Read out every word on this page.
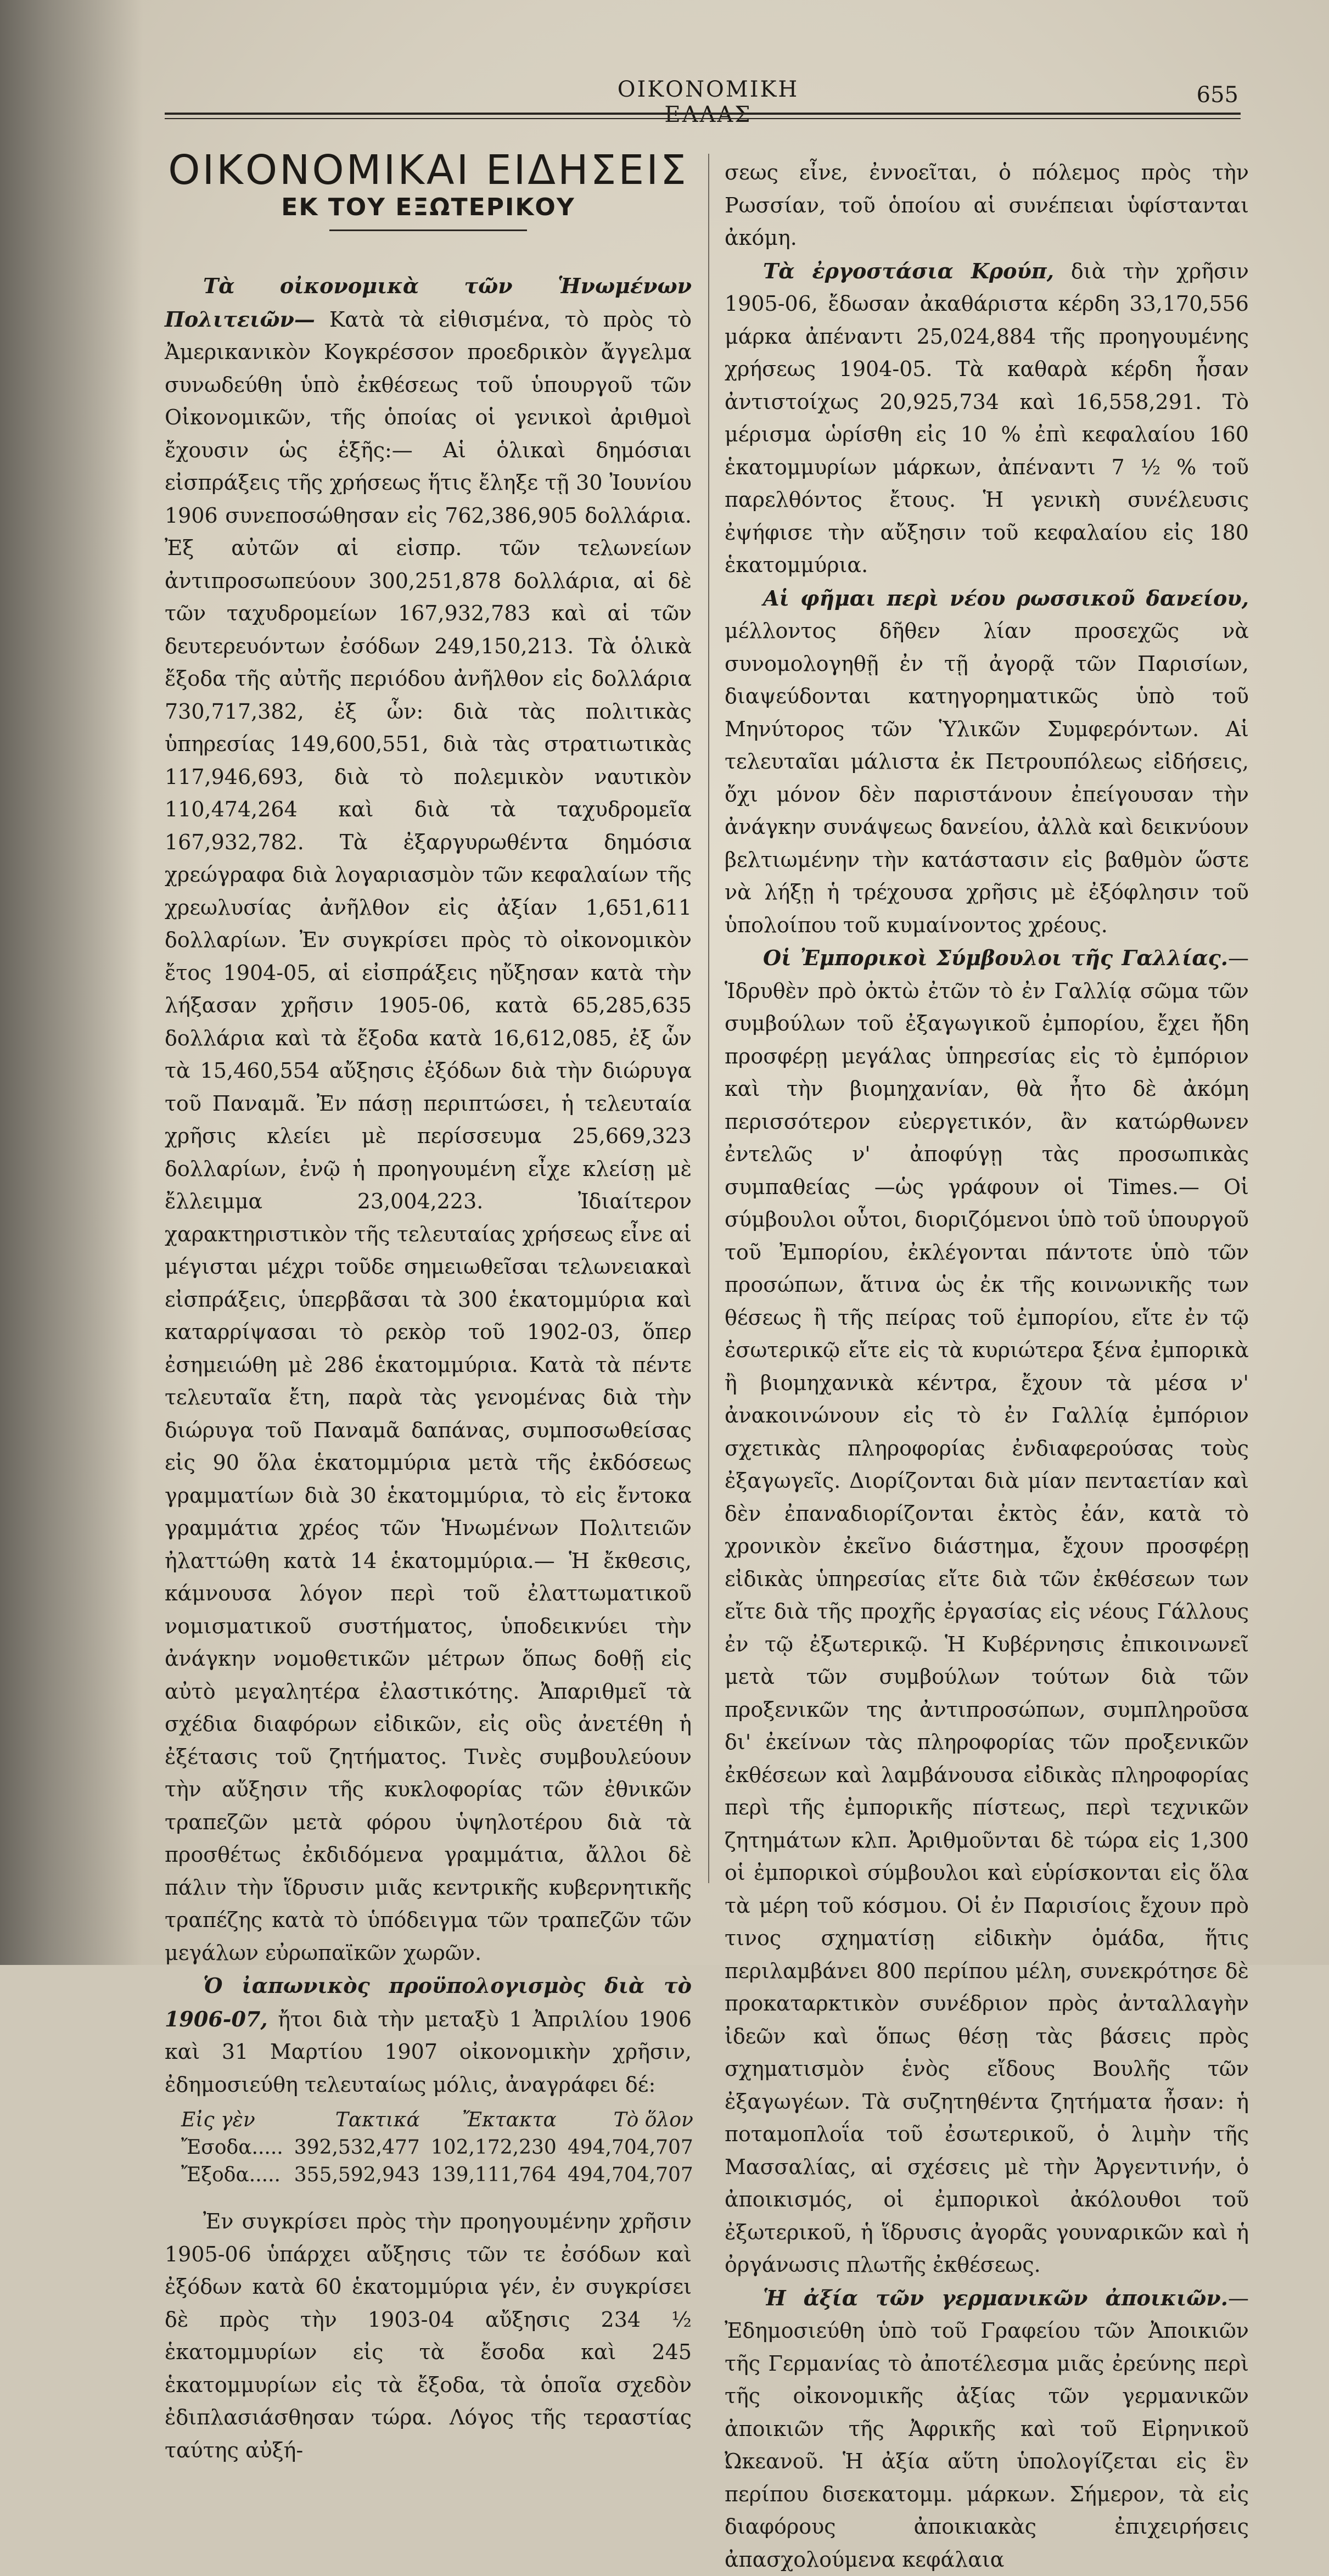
ΟΙΚΟΝΟΜΙΚΗ ΕΛΛΑΣ
655
ΟΙΚΟΝΟΜΙΚΑΙ ΕΙΔΗΣΕΙΣ
ΕΚ ΤΟΥ ΕΞΩΤΕΡΙΚΟΥ

Τὰ οἰκονομικὰ τῶν Ἡνωμένων Πολιτειῶν— Κατὰ τὰ εἰθισμένα, τὸ πρὸς τὸ Ἀμερικανικὸν Κογκρέσσον προεδρικὸν ἄγγελμα συνωδεύθη ὑπὸ ἐκθέσεως τοῦ ὑπουργοῦ τῶν Οἰκονομικῶν, τῆς ὁποίας οἱ γενικοὶ ἀριθμοὶ ἔχουσιν ὡς ἑξῆς:— Αἱ ὁλικαὶ δημόσιαι εἰσπράξεις τῆς χρήσεως ἥτις ἔληξε τῇ 30 Ἰουνίου 1906 συνεποσώθησαν εἰς 762,386,905 δολλάρια. Ἐξ αὐτῶν αἱ εἰσπρ. τῶν τελωνείων ἀντιπροσωπεύουν 300,251,878 δολλάρια, αἱ δὲ τῶν ταχυδρομείων 167,932,783 καὶ αἱ τῶν δευτερευόντων ἐσόδων 249,150,213. Τὰ ὁλικὰ ἔξοδα τῆς αὐτῆς περιόδου ἀνῆλθον εἰς δολλάρια 730,717,382, ἐξ ὧν: διὰ τὰς πολιτικὰς ὑπηρεσίας 149,600,551, διὰ τὰς στρατιωτικὰς 117,946,693, διὰ τὸ πολεμικὸν ναυτικὸν 110,474,264 καὶ διὰ τὰ ταχυδρομεῖα 167,932,782. Τὰ ἐξαργυρωθέντα δημόσια χρεώγραφα διὰ λογαριασμὸν τῶν κεφαλαίων τῆς χρεωλυσίας ἀνῆλθον εἰς ἀξίαν 1,651,611 δολλαρίων. Ἐν συγκρίσει πρὸς τὸ οἰκονομικὸν ἔτος 1904-05, αἱ εἰσπράξεις ηὔξησαν κατὰ τὴν λήξασαν χρῆσιν 1905-06, κατὰ 65,285,635 δολλάρια καὶ τὰ ἔξοδα κατὰ 16,612,085, ἐξ ὧν τὰ 15,460,554 αὔξησις ἐξόδων διὰ τὴν διώρυγα τοῦ Παναμᾶ. Ἐν πάσῃ περιπτώσει, ἡ τελευταία χρῆσις κλείει μὲ περίσσευμα 25,669,323 δολλαρίων, ἐνῷ ἡ προηγουμένη εἶχε κλείσῃ μὲ ἔλλειμμα 23,004,223. Ἰδιαίτερον χαρακτηριστικὸν τῆς τελευταίας χρήσεως εἶνε αἱ μέγισται μέχρι τοῦδε σημειωθεῖσαι τελωνειακαὶ εἰσπράξεις, ὑπερβᾶσαι τὰ 300 ἑκατομμύρια καὶ καταρρίψασαι τὸ ρεκὸρ τοῦ 1902-03, ὅπερ ἐσημειώθη μὲ 286 ἑκατομμύρια. Κατὰ τὰ πέντε τελευταῖα ἔτη, παρὰ τὰς γενομένας διὰ τὴν διώρυγα τοῦ Παναμᾶ δαπάνας, συμποσωθείσας εἰς 90 ὅλα ἑκατομμύρια μετὰ τῆς ἐκδόσεως γραμματίων διὰ 30 ἑκατομμύρια, τὸ εἰς ἔντοκα γραμμάτια χρέος τῶν Ἡνωμένων Πολιτειῶν ἠλαττώθη κατὰ 14 ἑκατομμύρια.— Ἡ ἔκθεσις, κάμνουσα λόγον περὶ τοῦ ἐλαττωματικοῦ νομισματικοῦ συστήματος, ὑποδεικνύει τὴν ἀνάγκην νομοθετικῶν μέτρων ὅπως δοθῇ εἰς αὐτὸ μεγαλητέρα ἐλαστικότης. Ἀπαριθμεῖ τὰ σχέδια διαφόρων εἰδικῶν, εἰς οὓς ἀνετέθη ἡ ἐξέτασις τοῦ ζητήματος. Τινὲς συμβουλεύουν τὴν αὔξησιν τῆς κυκλοφορίας τῶν ἐθνικῶν τραπεζῶν μετὰ φόρου ὑψηλοτέρου διὰ τὰ προσθέτως ἐκδιδόμενα γραμμάτια, ἄλλοι δὲ πάλιν τὴν ἵδρυσιν μιᾶς κεντρικῆς κυβερνητικῆς τραπέζης κατὰ τὸ ὑπόδειγμα τῶν τραπεζῶν τῶν μεγάλων εὐρωπαϊκῶν χωρῶν.

Ὁ ἰαπωνικὸς προϋπολογισμὸς διὰ τὸ 1906-07, ἤτοι διὰ τὴν μεταξὺ 1 Ἀπριλίου 1906 καὶ 31 Μαρτίου 1907 οἰκονομικὴν χρῆσιν, ἐδημοσιεύθη τελευταίως μόλις, ἀναγράφει δέ:

Εἰς γὲν	Τακτικά	Ἔκτακτα	Τὸ ὅλον
Ἔσοδα.....	392,532,477	102,172,230	494,704,707
Ἔξοδα.....	355,592,943	139,111,764	494,704,707

Ἐν συγκρίσει πρὸς τὴν προηγουμένην χρῆσιν 1905-06 ὑπάρχει αὔξησις τῶν τε ἐσόδων καὶ ἐξόδων κατὰ 60 ἑκατομμύρια γέν, ἐν συγκρίσει δὲ πρὸς τὴν 1903-04 αὔξησις 234 ½ ἑκατομμυρίων εἰς τὰ ἔσοδα καὶ 245 ἑκατομμυρίων εἰς τὰ ἔξοδα, τὰ ὁποῖα σχεδὸν ἐδιπλασιάσθησαν τώρα. Λόγος τῆς τεραστίας ταύτης αὐξή-

σεως εἶνε, ἐννοεῖται, ὁ πόλεμος πρὸς τὴν Ρωσσίαν, τοῦ ὁποίου αἱ συνέπειαι ὑφίστανται ἀκόμη.

Τὰ ἐργοστάσια Κρούπ, διὰ τὴν χρῆσιν 1905-06, ἔδωσαν ἀκαθάριστα κέρδη 33,170,556 μάρκα ἀπέναντι 25,024,884 τῆς προηγουμένης χρήσεως 1904-05. Τὰ καθαρὰ κέρδη ἦσαν ἀντιστοίχως 20,925,734 καὶ 16,558,291. Τὸ μέρισμα ὡρίσθη εἰς 10 % ἐπὶ κεφαλαίου 160 ἑκατομμυρίων μάρκων, ἀπέναντι 7 ½ % τοῦ παρελθόντος ἔτους. Ἡ γενικὴ συνέλευσις ἐψήφισε τὴν αὔξησιν τοῦ κεφαλαίου εἰς 180 ἑκατομμύρια.

Αἱ φῆμαι περὶ νέου ρωσσικοῦ δανείου, μέλλοντος δῆθεν λίαν προσεχῶς νὰ συνομολογηθῇ ἐν τῇ ἀγορᾷ τῶν Παρισίων, διαψεύδονται κατηγορηματικῶς ὑπὸ τοῦ Μηνύτορος τῶν Ὑλικῶν Συμφερόντων. Αἱ τελευταῖαι μάλιστα ἐκ Πετρουπόλεως εἰδήσεις, ὄχι μόνον δὲν παριστάνουν ἐπείγουσαν τὴν ἀνάγκην συνάψεως δανείου, ἀλλὰ καὶ δεικνύουν βελτιωμένην τὴν κατάστασιν εἰς βαθμὸν ὥστε νὰ λήξῃ ἡ τρέχουσα χρῆσις μὲ ἐξόφλησιν τοῦ ὑπολοίπου τοῦ κυμαίνοντος χρέους.

Οἱ Ἐμπορικοὶ Σύμβουλοι τῆς Γαλλίας.— Ἱδρυθὲν πρὸ ὀκτὼ ἐτῶν τὸ ἐν Γαλλίᾳ σῶμα τῶν συμβούλων τοῦ ἐξαγωγικοῦ ἐμπορίου, ἔχει ἤδη προσφέρῃ μεγάλας ὑπηρεσίας εἰς τὸ ἐμπόριον καὶ τὴν βιομηχανίαν, θὰ ἦτο δὲ ἀκόμη περισσότερον εὐεργετικόν, ἂν κατώρθωνεν ἐντελῶς ν' ἀποφύγῃ τὰς προσωπικὰς συμπαθείας —ὡς γράφουν οἱ Times.— Οἱ σύμβουλοι οὗτοι, διοριζόμενοι ὑπὸ τοῦ ὑπουργοῦ τοῦ Ἐμπορίου, ἐκλέγονται πάντοτε ὑπὸ τῶν προσώπων, ἅτινα ὡς ἐκ τῆς κοινωνικῆς των θέσεως ἢ τῆς πείρας τοῦ ἐμπορίου, εἴτε ἐν τῷ ἐσωτερικῷ εἴτε εἰς τὰ κυριώτερα ξένα ἐμπορικὰ ἢ βιομηχανικὰ κέντρα, ἔχουν τὰ μέσα ν' ἀνακοινώνουν εἰς τὸ ἐν Γαλλίᾳ ἐμπόριον σχετικὰς πληροφορίας ἐνδιαφερούσας τοὺς ἐξαγωγεῖς. Διορίζονται διὰ μίαν πενταετίαν καὶ δὲν ἐπαναδιορίζονται ἐκτὸς ἐάν, κατὰ τὸ χρονικὸν ἐκεῖνο διάστημα, ἔχουν προσφέρῃ εἰδικὰς ὑπηρεσίας εἴτε διὰ τῶν ἐκθέσεων των εἴτε διὰ τῆς προχῆς ἐργασίας εἰς νέους Γάλλους ἐν τῷ ἐξωτερικῷ. Ἡ Κυβέρνησις ἐπικοινωνεῖ μετὰ τῶν συμβούλων τούτων διὰ τῶν προξενικῶν της ἀντιπροσώπων, συμπληροῦσα δι' ἐκείνων τὰς πληροφορίας τῶν προξενικῶν ἐκθέσεων καὶ λαμβάνουσα εἰδικὰς πληροφορίας περὶ τῆς ἐμπορικῆς πίστεως, περὶ τεχνικῶν ζητημάτων κλπ. Ἀριθμοῦνται δὲ τώρα εἰς 1,300 οἱ ἐμπορικοὶ σύμβουλοι καὶ εὑρίσκονται εἰς ὅλα τὰ μέρη τοῦ κόσμου. Οἱ ἐν Παρισίοις ἔχουν πρὸ τινος σχηματίσῃ εἰδικὴν ὁμάδα, ἥτις περιλαμβάνει 800 περίπου μέλη, συνεκρότησε δὲ προκαταρκτικὸν συνέδριον πρὸς ἀνταλλαγὴν ἰδεῶν καὶ ὅπως θέσῃ τὰς βάσεις πρὸς σχηματισμὸν ἑνὸς εἴδους Βουλῆς τῶν ἐξαγωγέων. Τὰ συζητηθέντα ζητήματα ἦσαν: ἡ ποταμοπλοΐα τοῦ ἐσωτερικοῦ, ὁ λιμὴν τῆς Μασσαλίας, αἱ σχέσεις μὲ τὴν Ἀργεντινήν, ὁ ἀποικισμός, οἱ ἐμπορικοὶ ἀκόλουθοι τοῦ ἐξωτερικοῦ, ἡ ἵδρυσις ἀγορᾶς γουναρικῶν καὶ ἡ ὀργάνωσις πλωτῆς ἐκθέσεως.

Ἡ ἀξία τῶν γερμανικῶν ἀποικιῶν.— Ἐδημοσιεύθη ὑπὸ τοῦ Γραφείου τῶν Ἀποικιῶν τῆς Γερμανίας τὸ ἀποτέλεσμα μιᾶς ἐρεύνης περὶ τῆς οἰκονομικῆς ἀξίας τῶν γερμανικῶν ἀποικιῶν τῆς Ἀφρικῆς καὶ τοῦ Εἰρηνικοῦ Ὠκεανοῦ. Ἡ ἀξία αὕτη ὑπολογίζεται εἰς ἓν περίπου δισεκατομμ. μάρκων. Σήμερον, τὰ εἰς διαφόρους ἀποικιακὰς ἐπιχειρήσεις ἀπασχολούμενα κεφάλαια
